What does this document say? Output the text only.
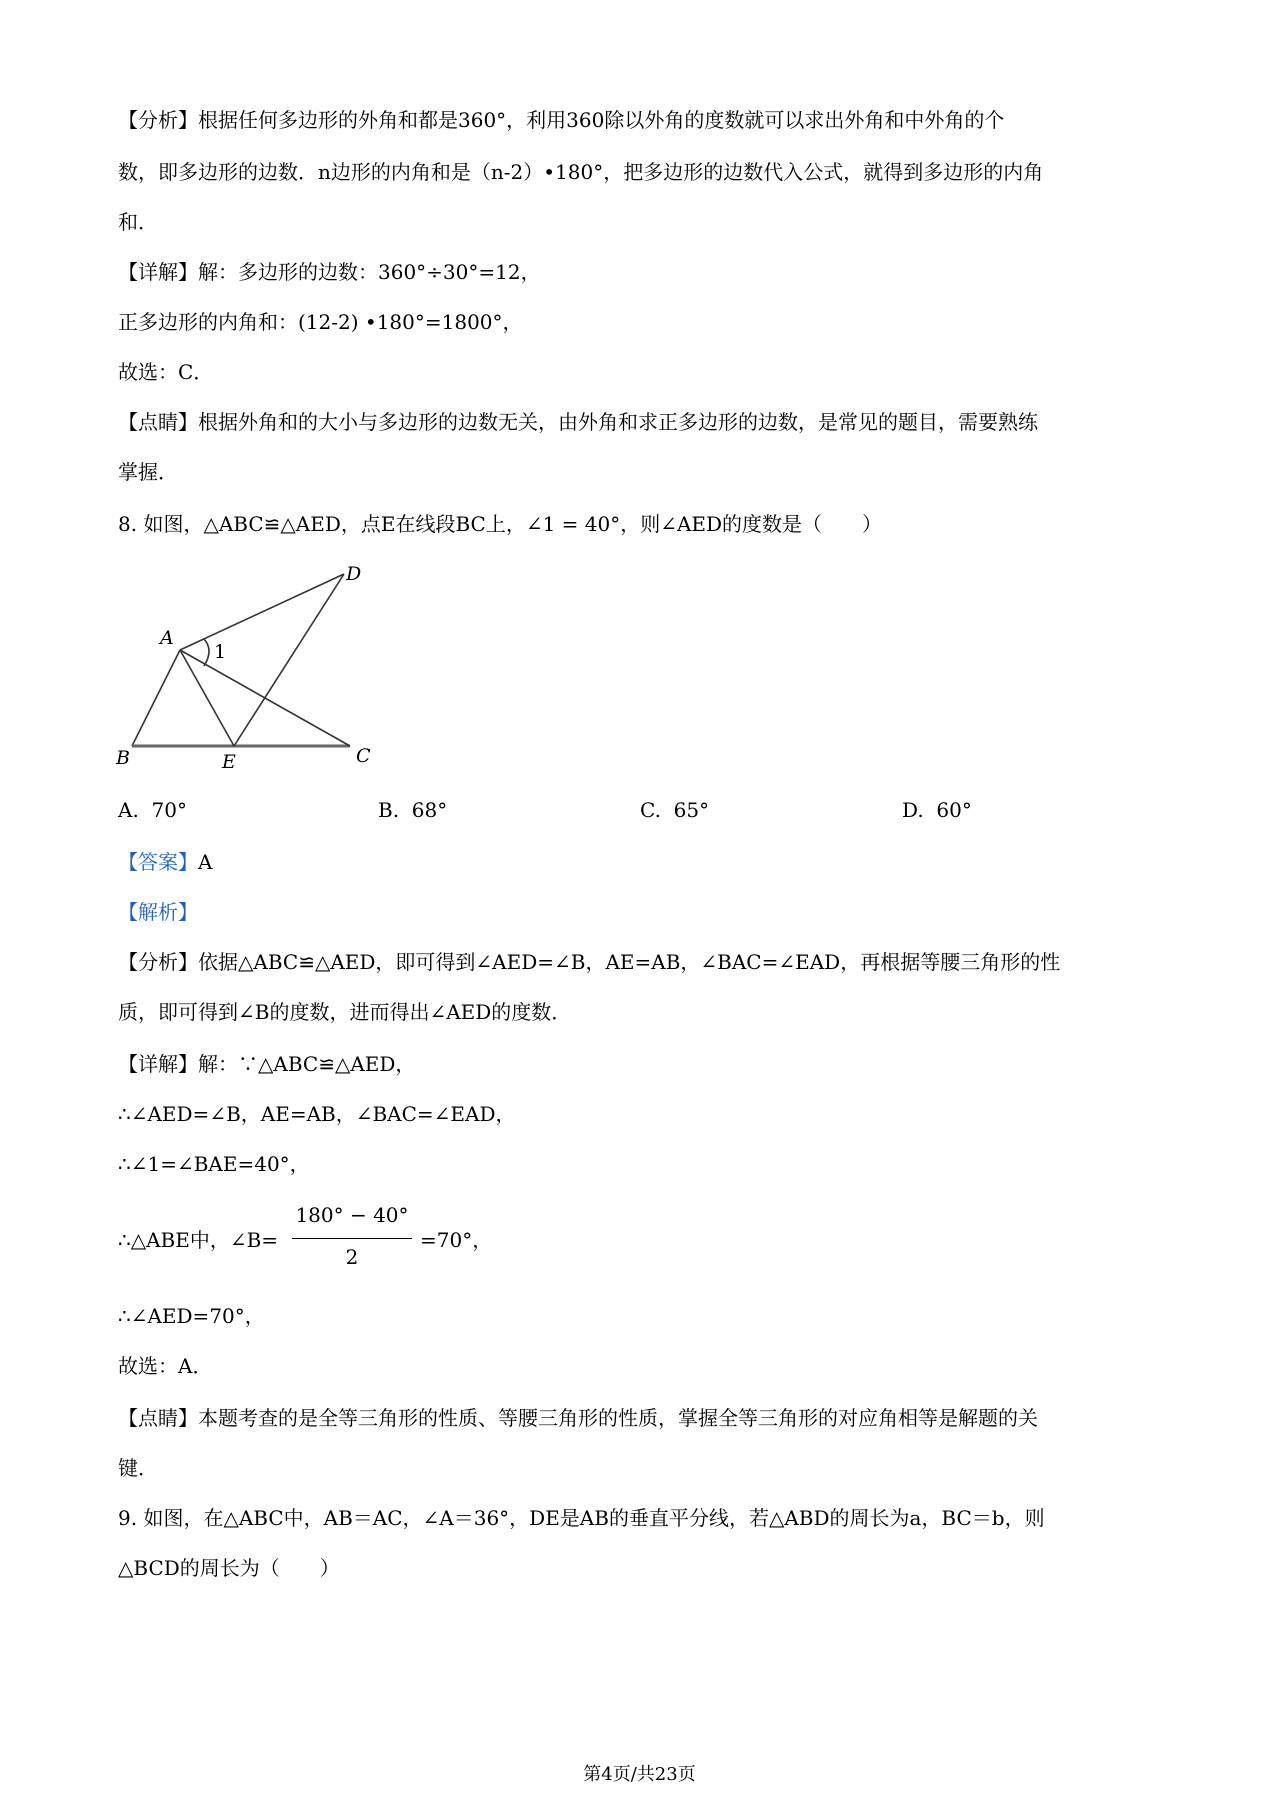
【分析】根据任何多边形的外角和都是360°，利用360除以外角的度数就可以求出外角和中外角的个
数，即多边形的边数．n边形的内角和是（n-2）•180°，把多边形的边数代入公式，就得到多边形的内角
和．
【详解】解：多边形的边数：360°÷30°=12，
正多边形的内角和：(12-2) •180°=1800°，
故选：C．
【点睛】根据外角和的大小与多边形的边数无关，由外角和求正多边形的边数，是常见的题目，需要熟练
掌握．
8. 如图，△ABC≌△AED，点E在线段BC上，∠1 = 40°，则∠AED的度数是（　　）
A
B	C
D
E
1
A. 70°	B. 68°	C. 65°	D. 60°
【答案】A
【解析】
【分析】依据△ABC≌△AED，即可得到∠AED=∠B，AE=AB，∠BAC=∠EAD，再根据等腰三角形的性
质，即可得到∠B的度数，进而得出∠AED的度数．
【详解】解：∵△ABC≌△AED，
∴∠AED=∠B，AE=AB，∠BAC=∠EAD，
∴∠1=∠BAE=40°，
∴△ABE中，∠B=
180° − 40°
2
=70°，
∴∠AED=70°，
故选：A．
【点睛】本题考查的是全等三角形的性质、等腰三角形的性质，掌握全等三角形的对应角相等是解题的关
键．
9. 如图，在△ABC中，AB＝AC，∠A＝36°，DE是AB的垂直平分线，若△ABD的周长为a，BC＝b，则
△BCD的周长为（　　）
第4页/共23页
